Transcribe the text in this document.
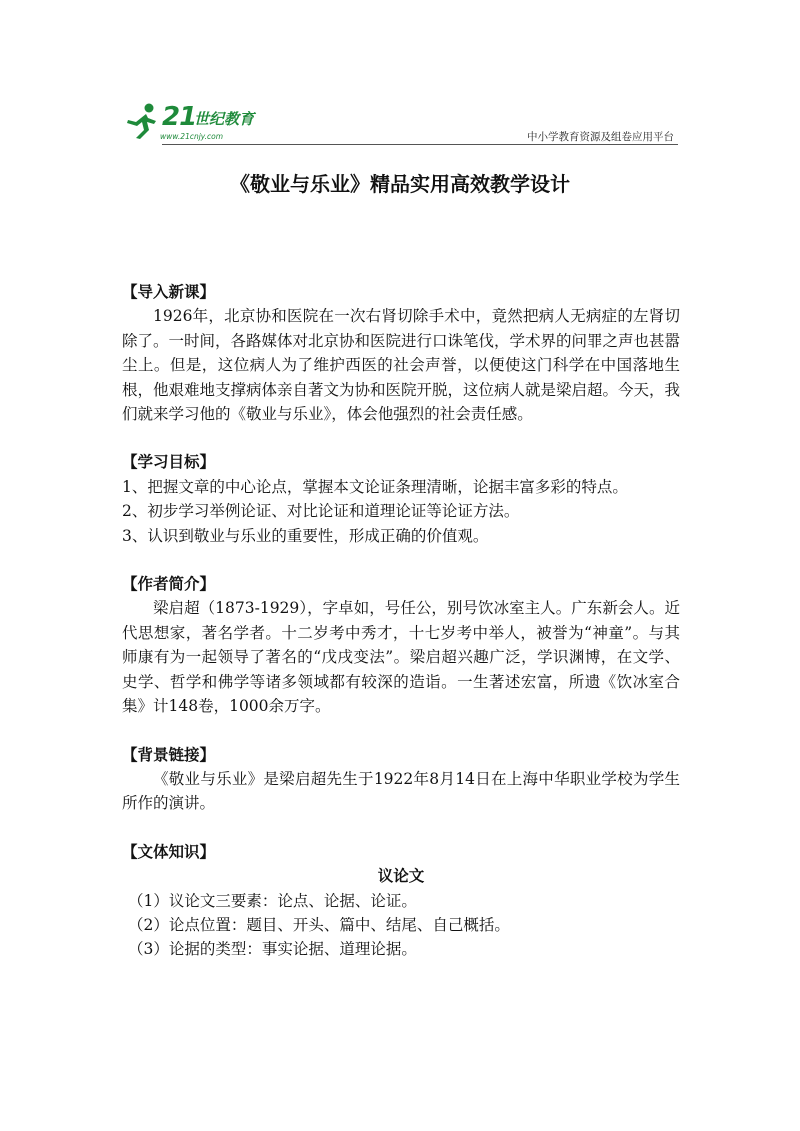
21
世纪教育
www.21cnjy.com	中小学教育资源及组卷应用平台
《敬业与乐业》精品实用高效教学设计
【导入新课】

1926年，北京协和医院在一次右肾切除手术中，竟然把病人无病症的左肾切除了。一时间，各路媒体对北京协和医院进行口诛笔伐，学术界的问罪之声也甚嚣尘上。但是，这位病人为了维护西医的社会声誉，以便使这门科学在中国落地生根，他艰难地支撑病体亲自著文为协和医院开脱，这位病人就是梁启超。今天，我们就来学习他的《敬业与乐业》，体会他强烈的社会责任感。

【学习目标】

1、把握文章的中心论点，掌握本文论证条理清晰，论据丰富多彩的特点。

2、初步学习举例论证、对比论证和道理论证等论证方法。

3、认识到敬业与乐业的重要性，形成正确的价值观。

【作者简介】

梁启超（1873-1929），字卓如，号任公，别号饮冰室主人。广东新会人。近代思想家，著名学者。十二岁考中秀才，十七岁考中举人，被誉为“神童”。与其师康有为一起领导了著名的“戊戌变法”。梁启超兴趣广泛，学识渊博，在文学、史学、哲学和佛学等诸多领域都有较深的造诣。一生著述宏富，所遗《饮冰室合集》计148卷，1000余万字。

【背景链接】

《敬业与乐业》是梁启超先生于1922年8月14日在上海中华职业学校为学生所作的演讲。

【文体知识】
议论文

（1）议论文三要素：论点、论据、论证。

（2）论点位置：题目、开头、篇中、结尾、自己概括。

（3）论据的类型：事实论据、道理论据。
